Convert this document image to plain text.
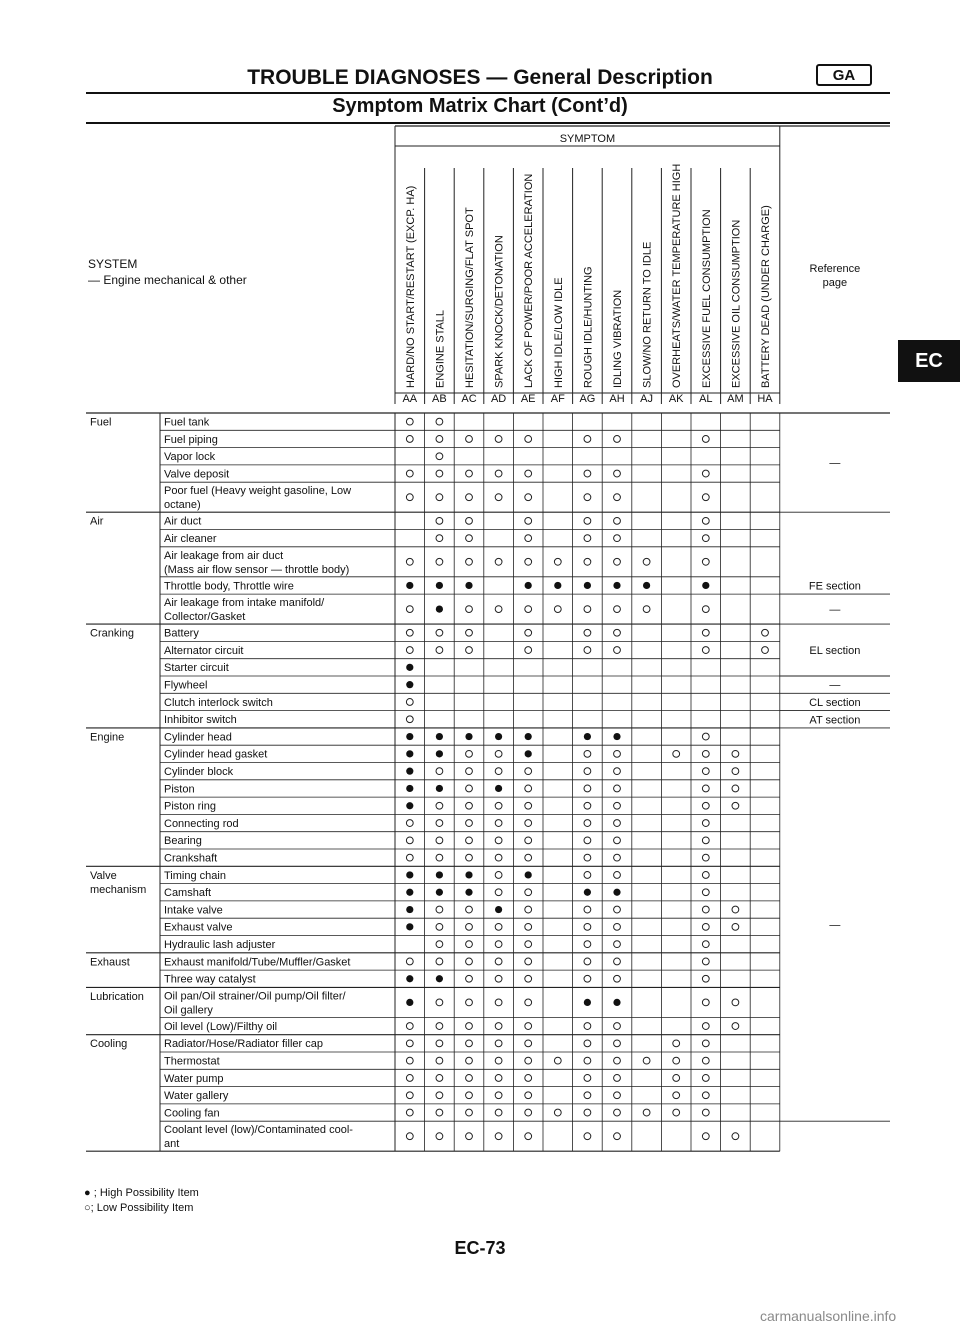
TROUBLE DIAGNOSES — General Description	GA
Symptom Matrix Chart (Cont’d)
EC
SYSTEM
— Engine mechanical & other
SYMPTOM
Reference
page
HARD/NO START/RESTART (EXCP. HA)
AA
ENGINE STALL
AB
HESITATION/SURGING/FLAT SPOT
AC
SPARK KNOCK/DETONATION
AD
LACK OF POWER/POOR ACCELERATION
AE
HIGH IDLE/LOW IDLE
AF
ROUGH IDLE/HUNTING
AG
IDLING VIBRATION
AH
SLOW/NO RETURN TO IDLE
AJ
OVERHEATS/WATER TEMPERATURE HIGH
AK
EXCESSIVE FUEL CONSUMPTION
AL
EXCESSIVE OIL CONSUMPTION
AM
BATTERY DEAD (UNDER CHARGE)
HA
Fuel tank
Fuel
Fuel piping
Vapor lock
Valve deposit
Poor fuel (Heavy weight gasoline, Low
octane)
Air duct
Air
Air cleaner
Air leakage from air duct
(Mass air flow sensor — throttle body)
Throttle body, Throttle wire
Air leakage from intake manifold/
Collector/Gasket
Battery
Cranking
Alternator circuit
Starter circuit
Flywheel
Clutch interlock switch
Inhibitor switch
Cylinder head
Engine
Cylinder head gasket
Cylinder block
Piston
Piston ring
Connecting rod
Bearing
Crankshaft
Timing chain
Valve
mechanism Camshaft
Intake valve
Exhaust valve
Hydraulic lash adjuster
Exhaust manifold/Tube/Muffler/Gasket
Exhaust
Three way catalyst
Oil pan/Oil strainer/Oil pump/Oil filter/
Oil gallery
Lubrication
Oil level (Low)/Filthy oil
Radiator/Hose/Radiator filler cap
Cooling
Thermostat
Water pump
Water gallery
Cooling fan
Coolant level (low)/Contaminated cool-
ant
—
FE section
—
EL section
—
CL section
AT section
—
● ; High Possibility Item
○; Low Possibility Item
EC-73
carmanualsonline.info
